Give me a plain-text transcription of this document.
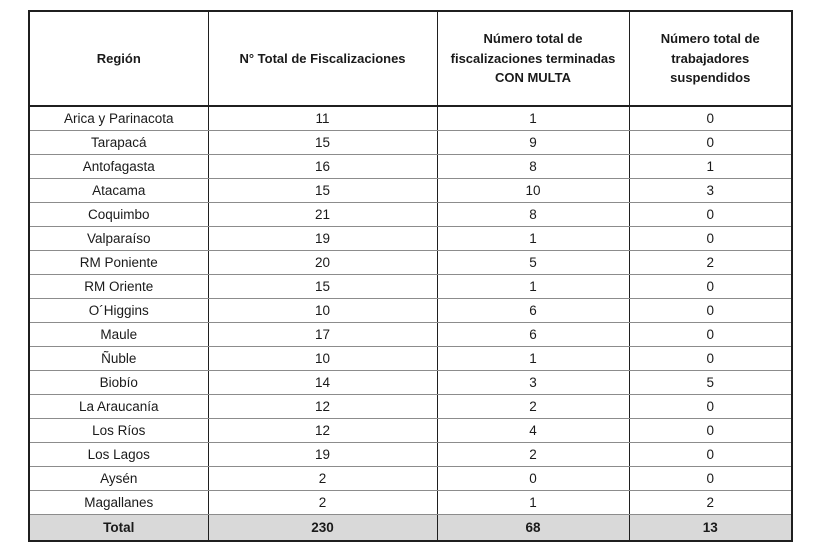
Región	N° Total de Fiscalizaciones	Número total de fiscalizaciones terminadas CON MULTA	Número total de trabajadores suspendidos
Arica y Parinacota	11	1	0
Tarapacá	15	9	0
Antofagasta	16	8	1
Atacama	15	10	3
Coquimbo	21	8	0
Valparaíso	19	1	0
RM Poniente	20	5	2
RM Oriente	15	1	0
O´Higgins	10	6	0
Maule	17	6	0
Ñuble	10	1	0
Biobío	14	3	5
La Araucanía	12	2	0
Los Ríos	12	4	0
Los Lagos	19	2	0
Aysén	2	0	0
Magallanes	2	1	2
Total	230	68	13
